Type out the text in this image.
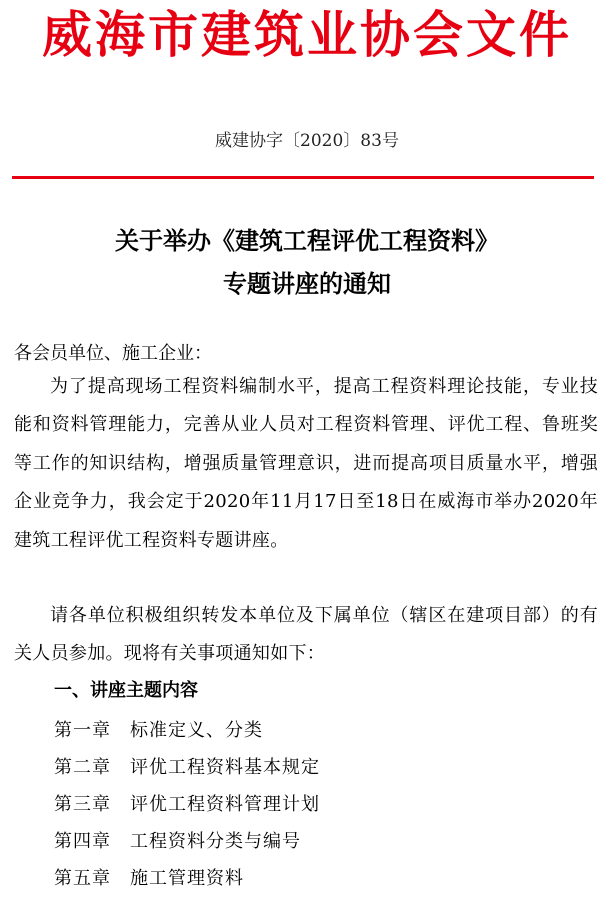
威海市建筑业协会文件
威建协字〔2020〕83号
关于举办《建筑工程评优工程资料》
专题讲座的通知
各会员单位、施工企业：

为了提高现场工程资料编制水平，提高工程资料理论技能，专业技能和资料管理能力，完善从业人员对工程资料管理、评优工程、鲁班奖等工作的知识结构，增强质量管理意识，进而提高项目质量水平，增强企业竞争力，我会定于2020年11月17日至18日在威海市举办2020年建筑工程评优工程资料专题讲座。

请各单位积极组织转发本单位及下属单位（辖区在建项目部）的有关人员参加。现将有关事项通知如下：

一、讲座主题内容
第一章 标准定义、分类
第二章 评优工程资料基本规定
第三章 评优工程资料管理计划
第四章 工程资料分类与编号
第五章 施工管理资料
